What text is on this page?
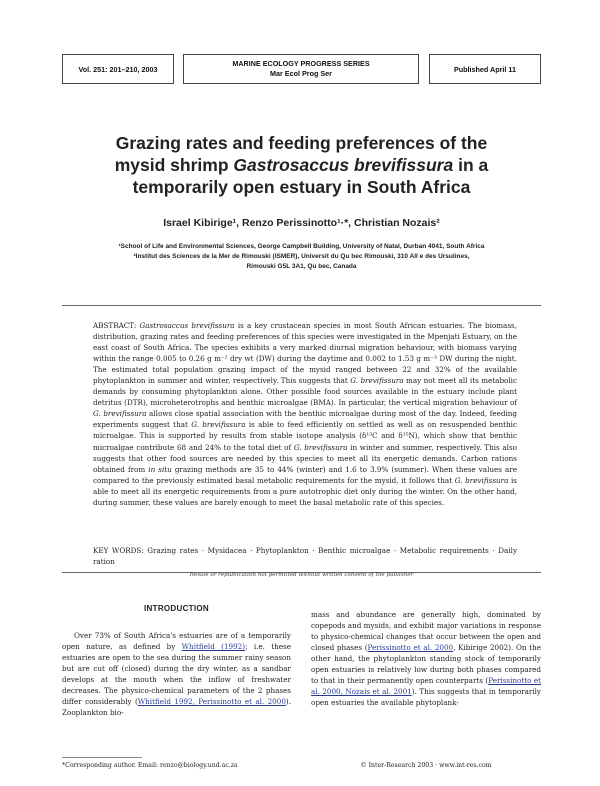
Vol. 251: 201–210, 2003
MARINE ECOLOGY PROGRESS SERIES
Mar Ecol Prog Ser	Published April 11
Grazing rates and feeding preferences of the
mysid shrimp Gastrosaccus brevifissura in a
temporarily open estuary in South Africa
Israel Kibirige¹, Renzo Perissinotto¹·*, Christian Nozais²
¹School of Life and Environmental Sciences, George Campbell Building, University of Natal, Durban 4041, South Africa
²Institut des Sciences de la Mer de Rimouski (ISMER), Universit du Qu bec Rimouski, 310 All e des Ursulines,
Rimouski G5L 3A1, Qu bec, Canada
ABSTRACT: Gastrosaccus brevifissura is a key crustacean species in most South African estuaries. The biomass, distribution, grazing rates and feeding preferences of this species were investigated in the Mpenjati Estuary, on the east coast of South Africa. The species exhibits a very marked diurnal migration behaviour, with biomass varying within the range 0.005 to 0.26 g m⁻² dry wt (DW) during the daytime and 0.002 to 1.53 g m⁻³ DW during the night. The estimated total population grazing impact of the mysid ranged between 22 and 32% of the available phytoplankton in summer and winter, respectively. This suggests that G. brevifissura may not meet all its metabolic demands by consuming phytoplankton alone. Other possible food sources available in the estuary include plant detritus (DTR), microheterotrophs and benthic microalgae (BMA). In particular, the vertical migration behaviour of G. brevifissura allows close spatial association with the benthic microalgae during most of the day. Indeed, feeding experiments suggest that G. brevifissura is able to feed efficiently on settled as well as on resuspended benthic microalgae. This is supported by results from stable isotope analysis (δ¹³C and δ¹⁵N), which show that benthic microalgae contribute 68 and 24% to the total diet of G. brevifissura in winter and summer, respectively. This also suggests that other food sources are needed by this species to meet all its energetic demands. Carbon rations obtained from in situ grazing methods are 35 to 44% (winter) and 1.6 to 3.9% (summer). When these values are compared to the previously estimated basal metabolic requirements for the mysid, it follows that G. brevifissura is able to meet all its energetic requirements from a pure autotrophic diet only during the winter. On the other hand, during summer, these values are barely enough to meet the basal metabolic rate of this species.
KEY WORDS: Grazing rates · Mysidacea · Phytoplankton · Benthic microalgae · Metabolic requirements · Daily ration
Resale or republication not permitted without written consent of the publisher
INTRODUCTION
Over 73% of South Africa's estuaries are of a temporarily open nature, as defined by Whitfield (1992); i.e. these estuaries are open to the sea during the summer rainy season but are cut off (closed) during the dry winter, as a sandbar develops at the mouth when the inflow of freshwater decreases. The physico-chemical parameters of the 2 phases differ considerably (Whitfield 1992, Perissinotto et al. 2000). Zooplankton bio-
mass and abundance are generally high, dominated by copepods and mysids, and exhibit major variations in response to physico-chemical changes that occur between the open and closed phases (Perissinotto et al. 2000, Kibirige 2002). On the other hand, the phytoplankton standing stock of temporarily open estuaries is relatively low during both phases compared to that in their permanently open counterparts (Perissinotto et al. 2000, Nozais et al. 2001). This suggests that in temporarily open estuaries the available phytoplank-
*Corresponding author. Email: renzo@biology.und.ac.za	© Inter-Research 2003 · www.int-res.com
